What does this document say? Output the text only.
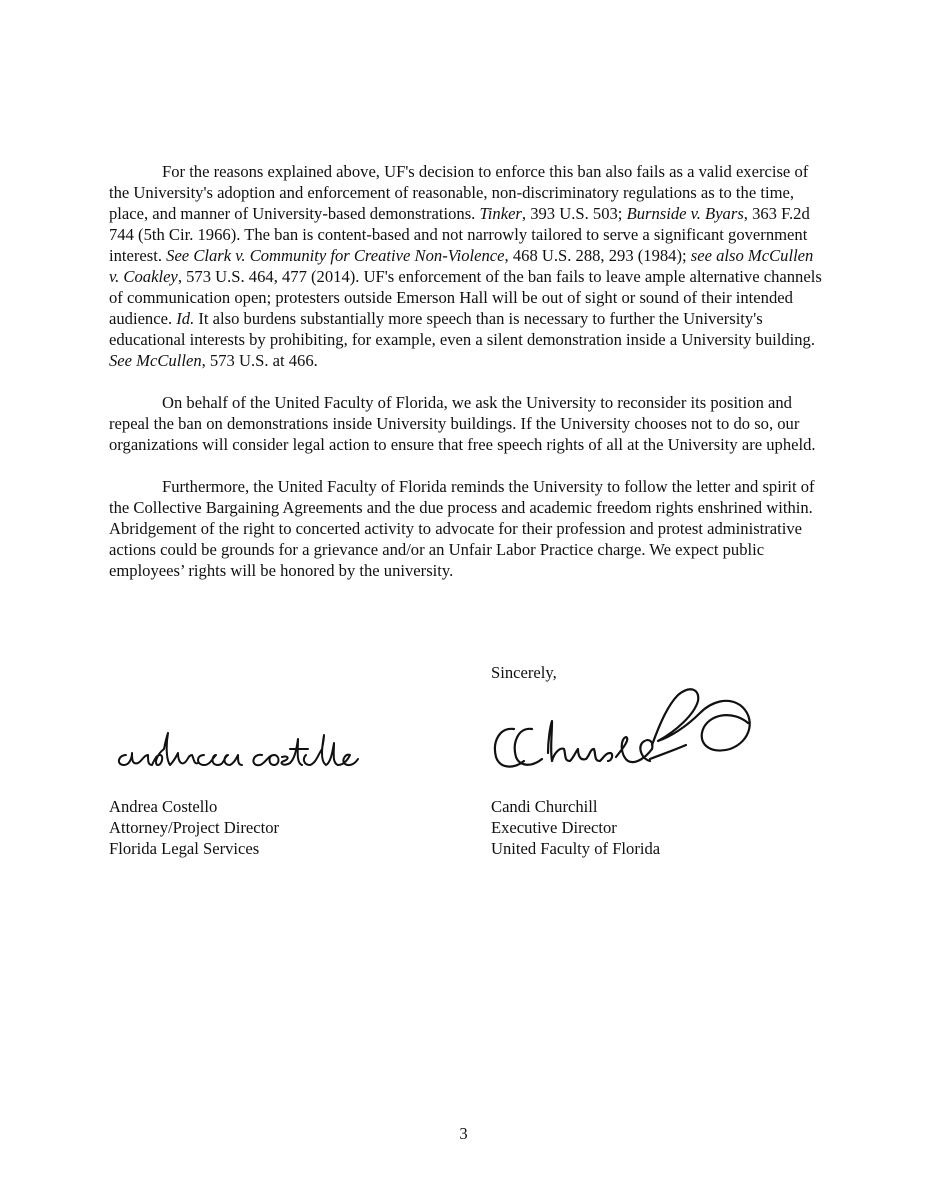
For the reasons explained above, UF's decision to enforce this ban also fails as a valid exercise of the University's adoption and enforcement of reasonable, non-discriminatory regulations as to the time, place, and manner of University-based demonstrations. Tinker, 393 U.S. 503; Burnside v. Byars, 363 F.2d 744 (5th Cir. 1966). The ban is content-based and not narrowly tailored to serve a significant government interest. See Clark v. Community for Creative Non-Violence, 468 U.S. 288, 293 (1984); see also McCullen v. Coakley, 573 U.S. 464, 477 (2014). UF's enforcement of the ban fails to leave ample alternative channels of communication open; protesters outside Emerson Hall will be out of sight or sound of their intended audience. Id. It also burdens substantially more speech than is necessary to further the University's educational interests by prohibiting, for example, even a silent demonstration inside a University building. See McCullen, 573 U.S. at 466.

On behalf of the United Faculty of Florida, we ask the University to reconsider its position and repeal the ban on demonstrations inside University buildings. If the University chooses not to do so, our organizations will consider legal action to ensure that free speech rights of all at the University are upheld.

Furthermore, the United Faculty of Florida reminds the University to follow the letter and spirit of the Collective Bargaining Agreements and the due process and academic freedom rights enshrined within. Abridgement of the right to concerted activity to advocate for their profession and protest administrative actions could be grounds for a grievance and/or an Unfair Labor Practice charge. We expect public employees’ rights will be honored by the university.

Sincerely,
Andrea Costello
Attorney/Project Director
Florida Legal Services
Candi Churchill
Executive Director
United Faculty of Florida
3
